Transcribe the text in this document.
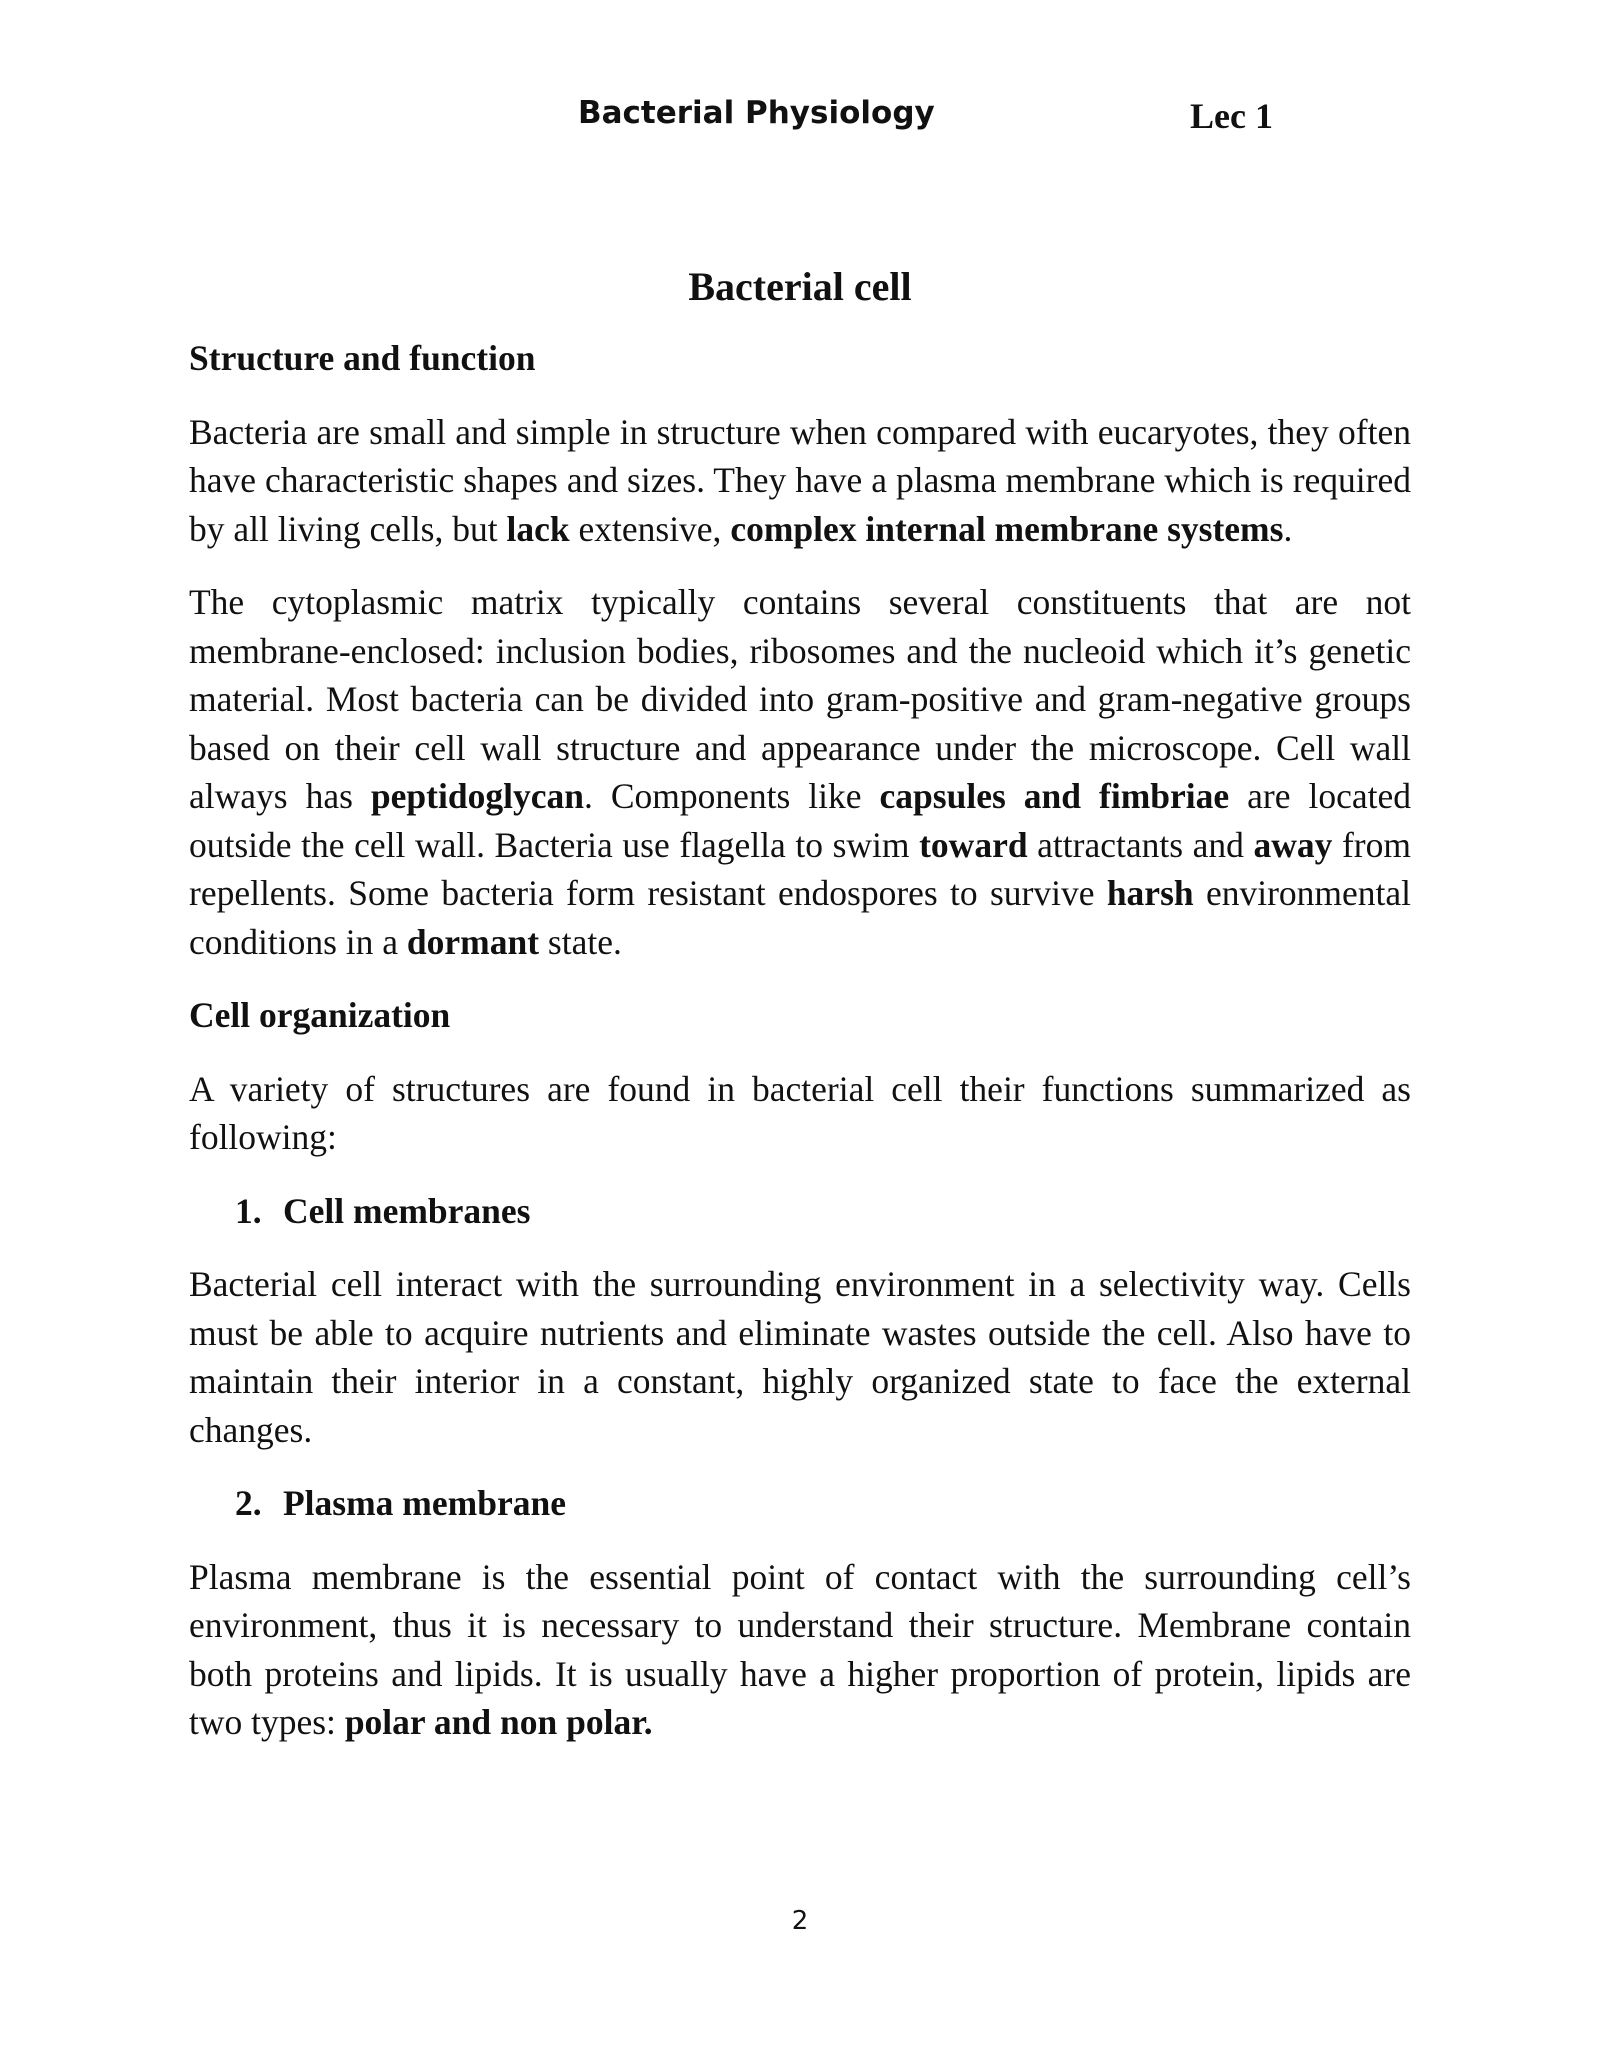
Bacterial Physiology	Lec 1
Bacterial cell
Structure and function

Bacteria are small and simple in structure when compared with eucaryotes, they often have characteristic shapes and sizes. They have a plasma membrane which is required by all living cells, but lack extensive, complex internal membrane systems.

The cytoplasmic matrix typically contains several constituents that are not membrane-enclosed: inclusion bodies, ribosomes and the nucleoid which it’s genetic material. Most bacteria can be divided into gram-positive and gram-negative groups based on their cell wall structure and appearance under the microscope. Cell wall always has peptidoglycan. Components like capsules and fimbriae are located outside the cell wall. Bacteria use flagella to swim toward attractants and away from repellents. Some bacteria form resistant endospores to survive harsh environmental conditions in a dormant state.

Cell organization

A variety of structures are found in bacterial cell their functions summarized as following:

1. Cell membranes

Bacterial cell interact with the surrounding environment in a selectivity way. Cells must be able to acquire nutrients and eliminate wastes outside the cell. Also have to maintain their interior in a constant, highly organized state to face the external changes.

2. Plasma membrane

Plasma membrane is the essential point of contact with the surrounding cell’s environment, thus it is necessary to understand their structure. Membrane contain both proteins and lipids. It is usually have a higher proportion of protein, lipids are two types: polar and non polar.

2
